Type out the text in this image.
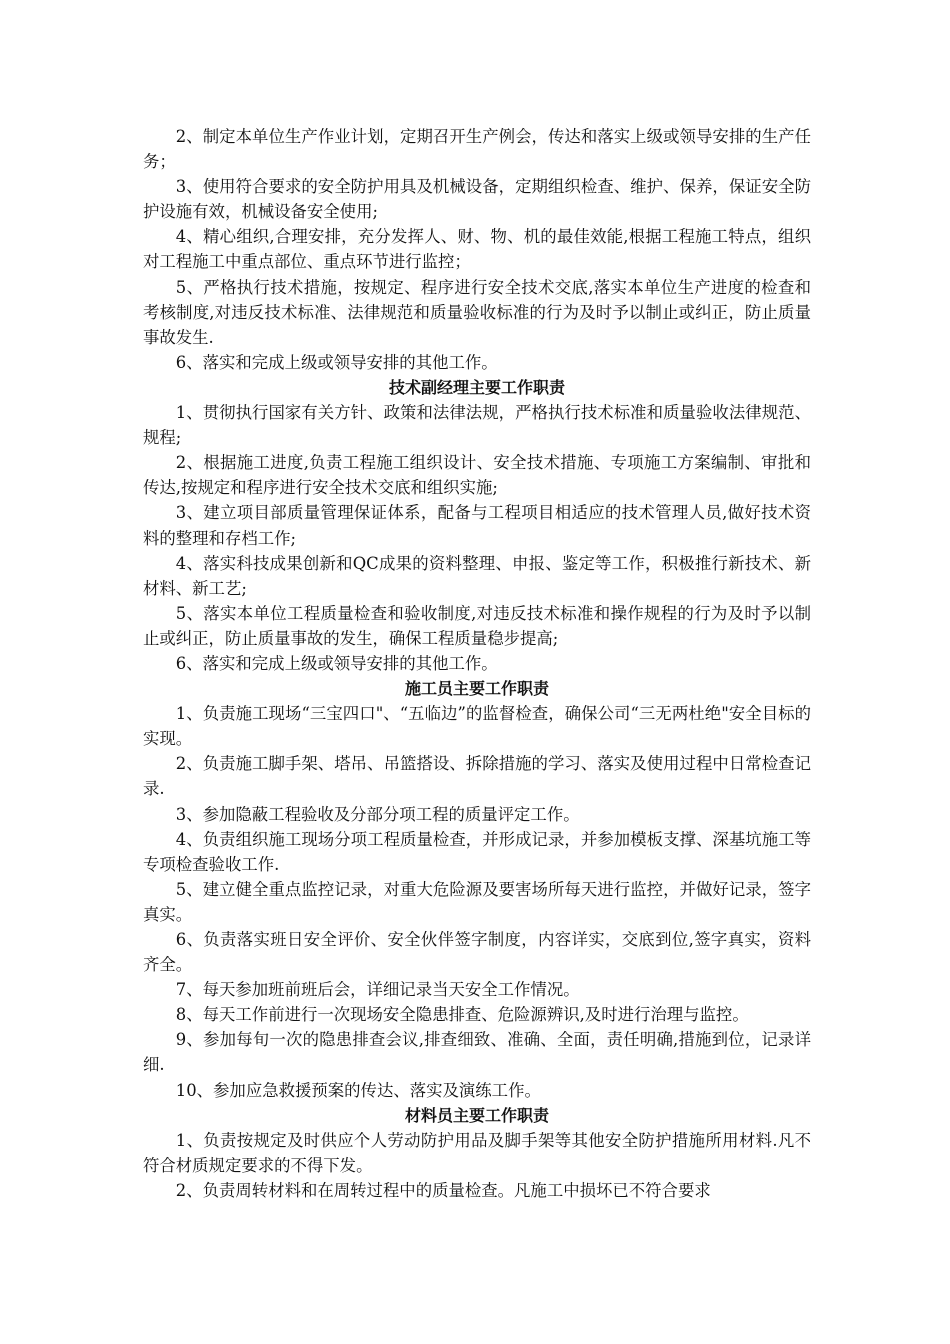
2、制定本单位生产作业计划，定期召开生产例会，传达和落实上级或领导安排的生产任务；

3、使用符合要求的安全防护用具及机械设备，定期组织检查、维护、保养，保证安全防护设施有效，机械设备安全使用;

4、精心组织,合理安排，充分发挥人、财、物、机的最佳效能,根据工程施工特点，组织对工程施工中重点部位、重点环节进行监控；

5、严格执行技术措施，按规定、程序进行安全技术交底,落实本单位生产进度的检查和考核制度,对违反技术标准、法律规范和质量验收标准的行为及时予以制止或纠正，防止质量事故发生.

6、落实和完成上级或领导安排的其他工作。

技术副经理主要工作职责

1、贯彻执行国家有关方针、政策和法律法规，严格执行技术标准和质量验收法律规范、规程;

2、根据施工进度,负责工程施工组织设计、安全技术措施、专项施工方案编制、审批和传达,按规定和程序进行安全技术交底和组织实施;

3、建立项目部质量管理保证体系，配备与工程项目相适应的技术管理人员,做好技术资料的整理和存档工作;

4、落实科技成果创新和QC成果的资料整理、申报、鉴定等工作，积极推行新技术、新材料、新工艺;

5、落实本单位工程质量检查和验收制度,对违反技术标准和操作规程的行为及时予以制止或纠正，防止质量事故的发生，确保工程质量稳步提高;

6、落实和完成上级或领导安排的其他工作。

施工员主要工作职责

1、负责施工现场“三宝四口"、“五临边”的监督检查，确保公司“三无两杜绝"安全目标的实现。

2、负责施工脚手架、塔吊、吊篮搭设、拆除措施的学习、落实及使用过程中日常检查记录.

3、参加隐蔽工程验收及分部分项工程的质量评定工作。

4、负责组织施工现场分项工程质量检查，并形成记录，并参加模板支撑、深基坑施工等专项检查验收工作.

5、建立健全重点监控记录，对重大危险源及要害场所每天进行监控，并做好记录，签字真实。

6、负责落实班日安全评价、安全伙伴签字制度，内容详实，交底到位,签字真实，资料齐全。

7、每天参加班前班后会，详细记录当天安全工作情况。

8、每天工作前进行一次现场安全隐患排查、危险源辨识,及时进行治理与监控。

9、参加每旬一次的隐患排查会议,排查细致、准确、全面，责任明确,措施到位，记录详细.

10、参加应急救援预案的传达、落实及演练工作。

材料员主要工作职责

1、负责按规定及时供应个人劳动防护用品及脚手架等其他安全防护措施所用材料.凡不符合材质规定要求的不得下发。

2、负责周转材料和在周转过程中的质量检查。凡施工中损坏已不符合要求
